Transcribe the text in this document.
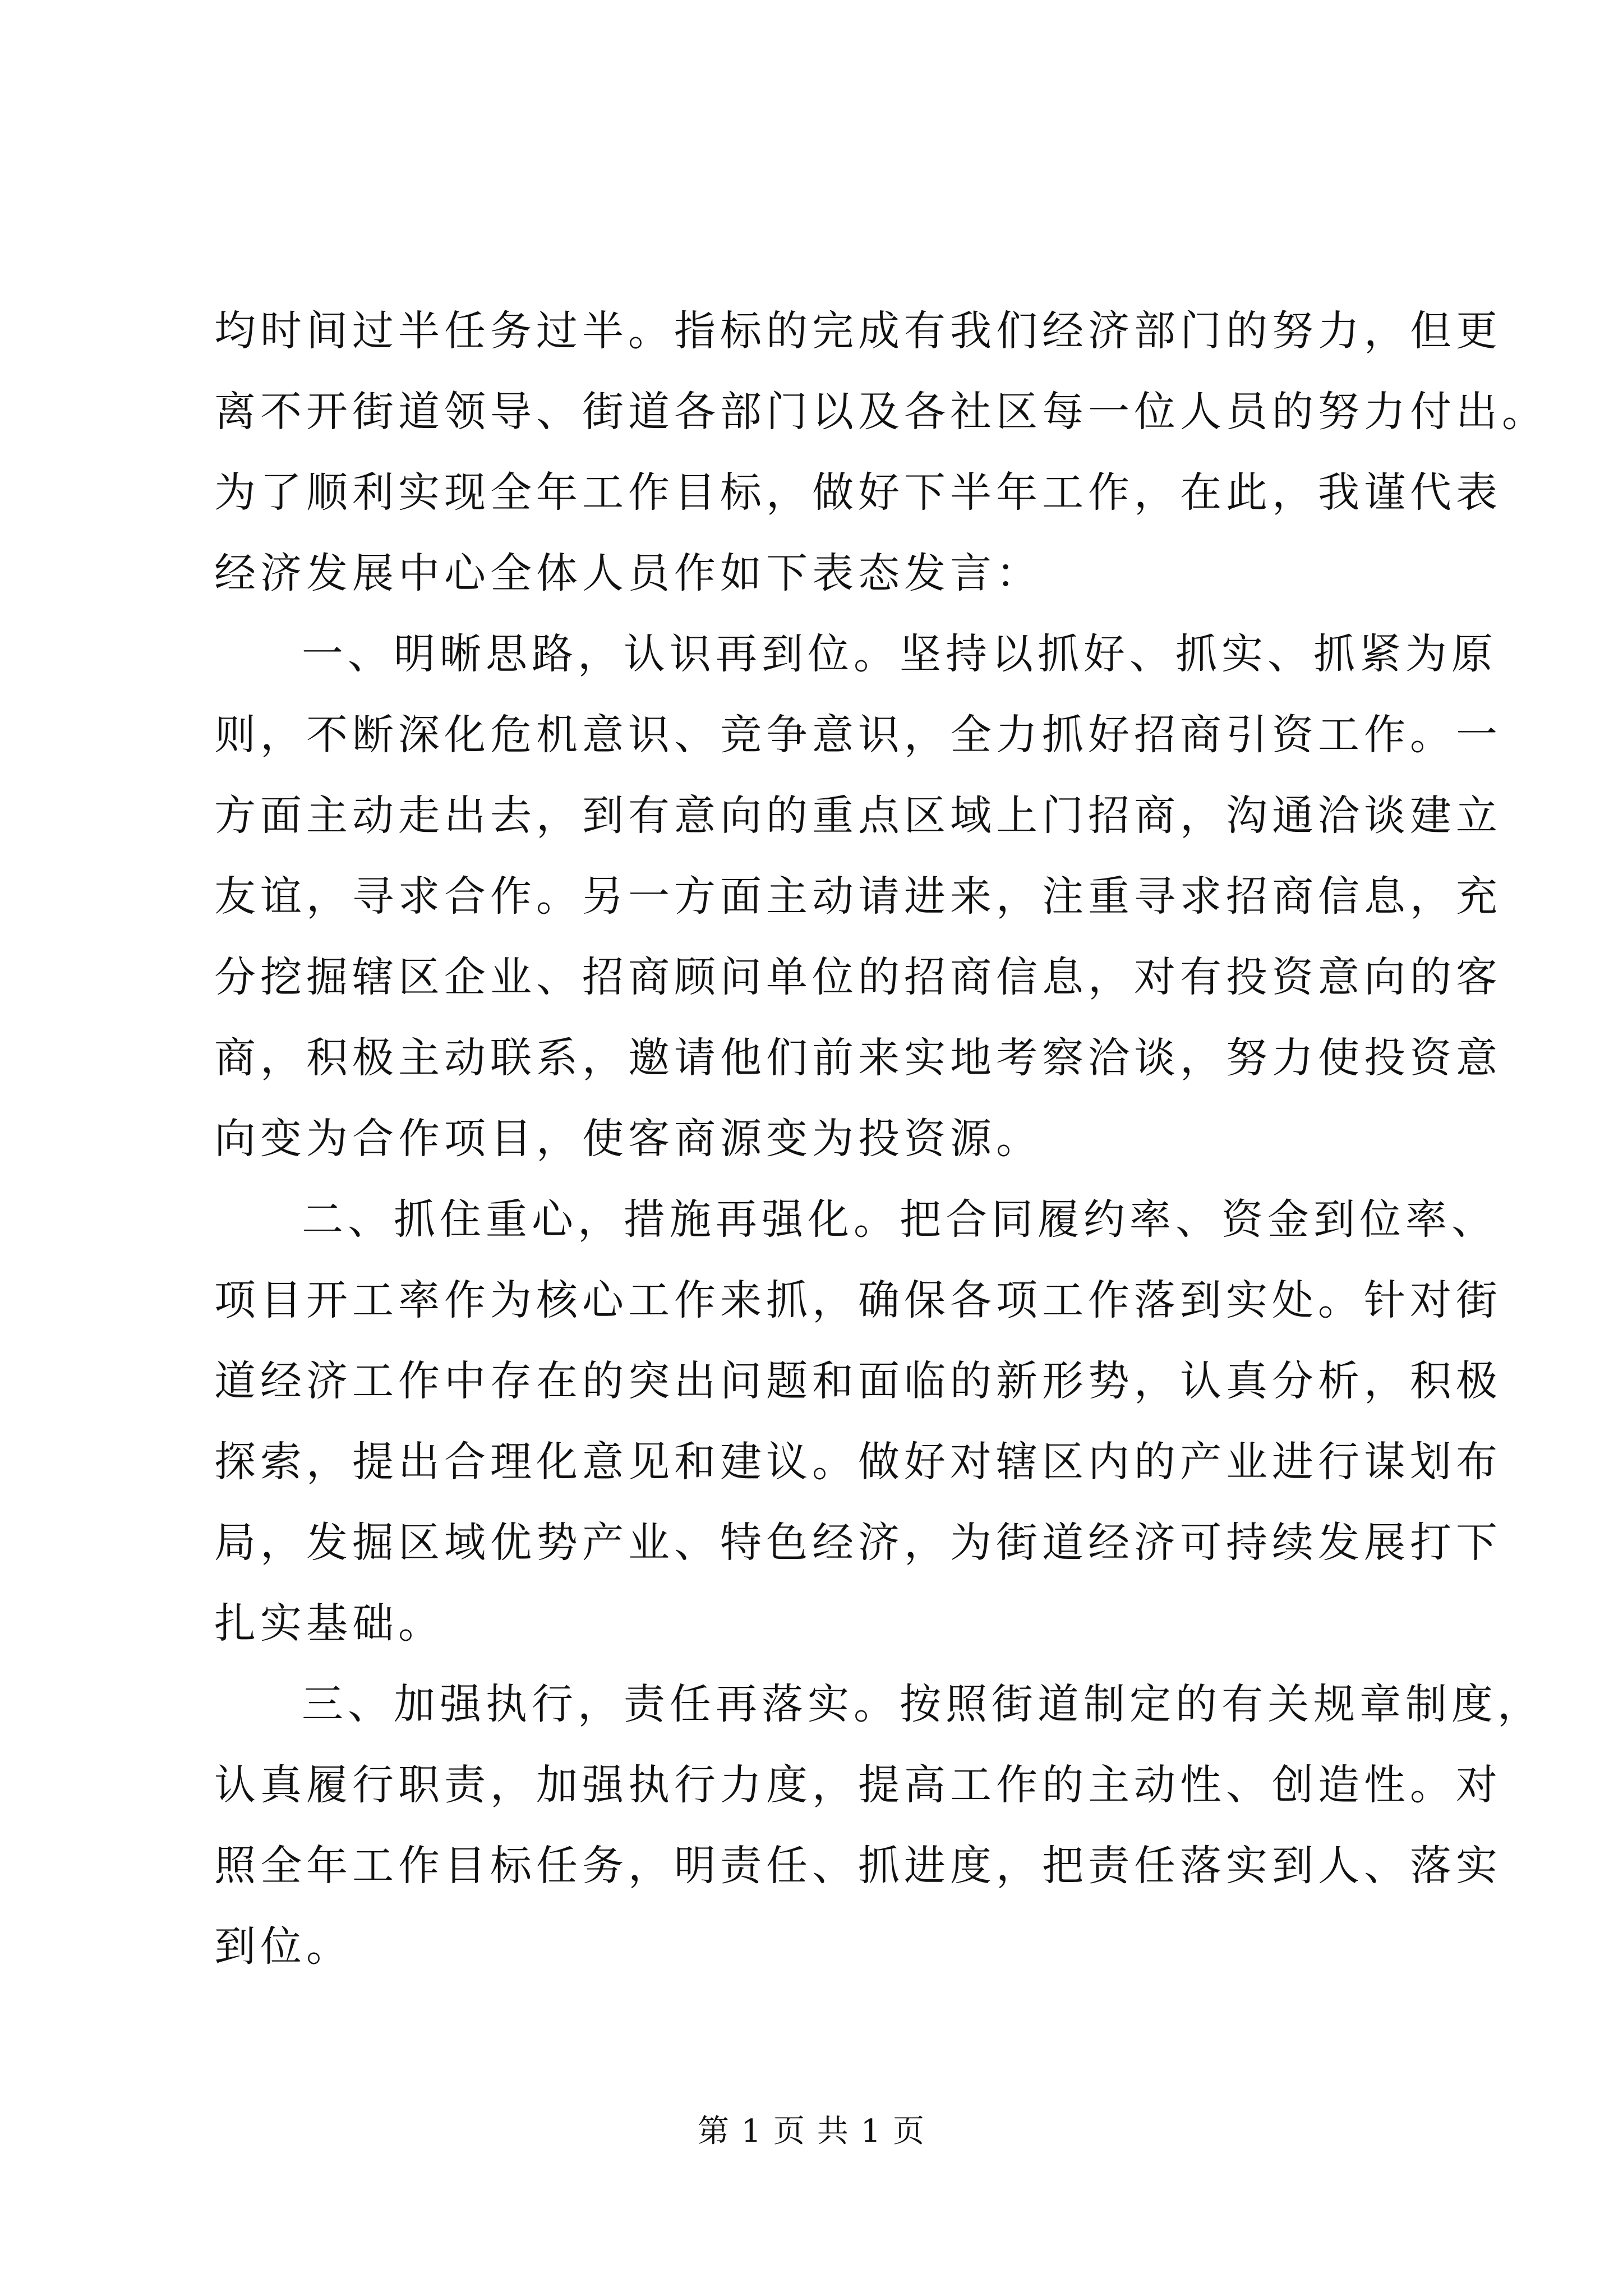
均时间过半任务过半。指标的完成有我们经济部门的努力，但更
离不开街道领导、街道各部门以及各社区每一位人员的努力付出。
为了顺利实现全年工作目标，做好下半年工作，在此，我谨代表
经济发展中心全体人员作如下表态发言：
一、明晰思路，认识再到位。坚持以抓好、抓实、抓紧为原
则，不断深化危机意识、竞争意识，全力抓好招商引资工作。一
方面主动走出去，到有意向的重点区域上门招商，沟通洽谈建立
友谊，寻求合作。另一方面主动请进来，注重寻求招商信息，充
分挖掘辖区企业、招商顾问单位的招商信息，对有投资意向的客
商，积极主动联系，邀请他们前来实地考察洽谈，努力使投资意
向变为合作项目，使客商源变为投资源。
二、抓住重心，措施再强化。把合同履约率、资金到位率、
项目开工率作为核心工作来抓，确保各项工作落到实处。针对街
道经济工作中存在的突出问题和面临的新形势，认真分析，积极
探索，提出合理化意见和建议。做好对辖区内的产业进行谋划布
局，发掘区域优势产业、特色经济，为街道经济可持续发展打下
扎实基础。
三、加强执行，责任再落实。按照街道制定的有关规章制度，
认真履行职责，加强执行力度，提高工作的主动性、创造性。对
照全年工作目标任务，明责任、抓进度，把责任落实到人、落实
到位。
第 1 页 共 1 页
